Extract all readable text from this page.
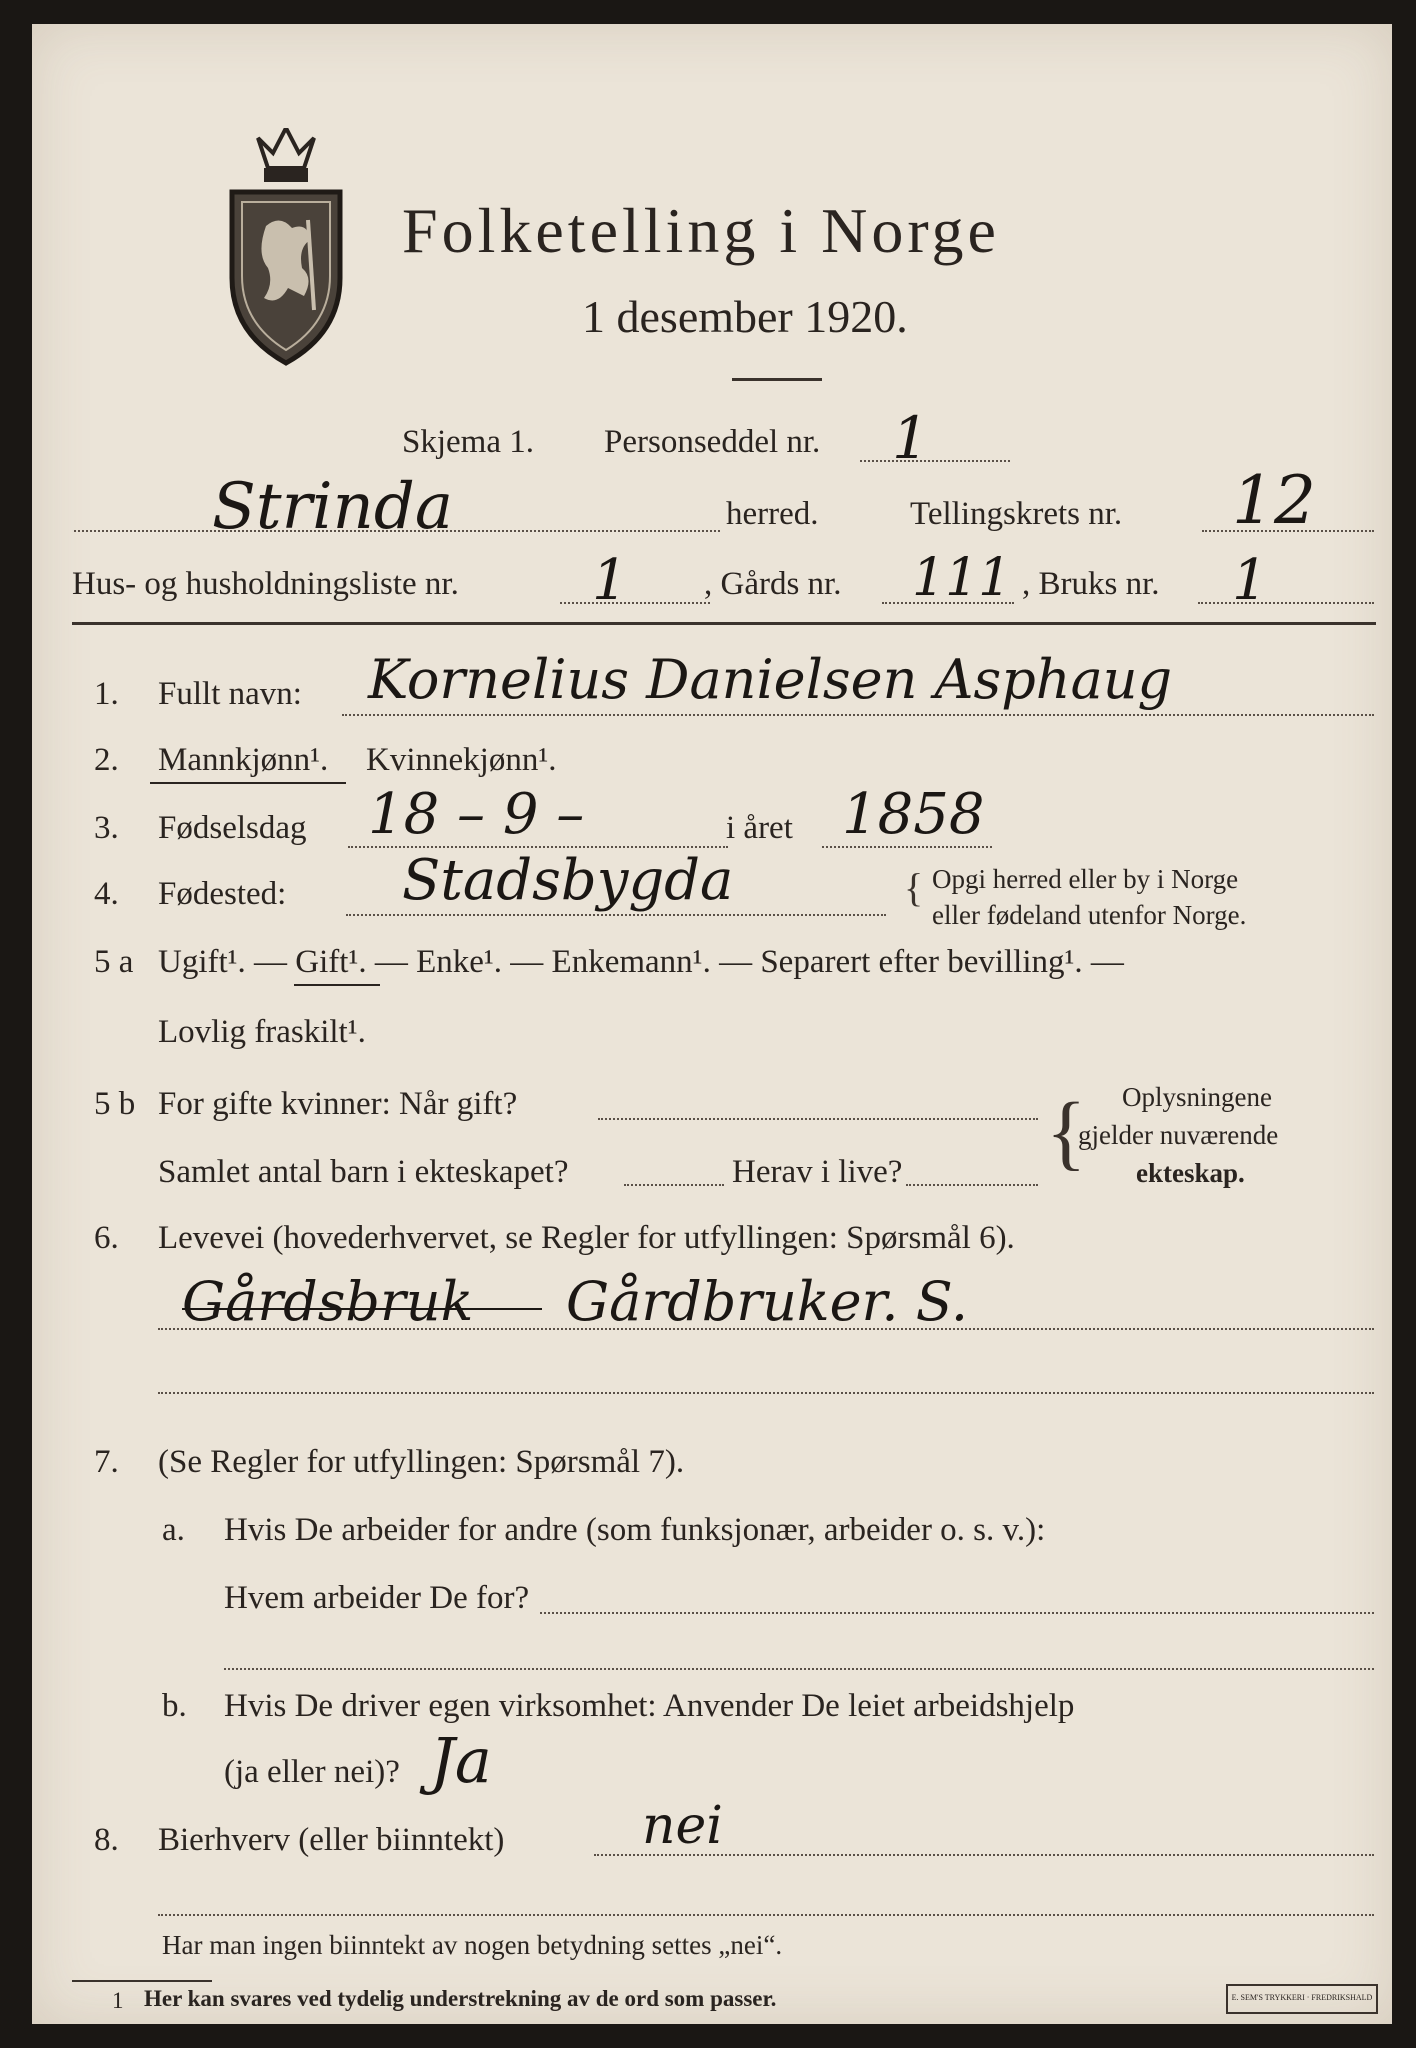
Folketelling i Norge
1 desember 1920.
Skjema 1. Personseddel nr. 1
Strinda	herred.	Tellingskrets nr. 12
Hus- og husholdningsliste nr. 1 , Gårds nr. 111 , Bruks nr. 1
1. Fullt navn: Kornelius Danielsen Asphaug
2. Mannkjønn¹. Kvinnekjønn¹.
3. Fødselsdag 18 – 9 –	i året 1858
4. Fødested: Stadsbygda	{ Opgi herred eller by i Norge
eller fødeland utenfor Norge.
5 a Ugift¹. — Gift¹. — Enke¹. — Enkemann¹. — Separert efter bevilling¹. —
Lovlig fraskilt¹.
5 b For gifte kvinner: Når gift?
Samlet antal barn i ekteskapet?	Herav i live? { Oplysningene
gjelder nuværende
ekteskap.
6. Levevei (hovederhvervet, se Regler for utfyllingen: Spørsmål 6).
Gårdsbruk Gårdbruker. S.
7. (Se Regler for utfyllingen: Spørsmål 7).
a. Hvis De arbeider for andre (som funksjonær, arbeider o. s. v.):
Hvem arbeider De for?
b. Hvis De driver egen virksomhet: Anvender De leiet arbeidshjelp
(ja eller nei)? Ja
8. Bierhverv (eller biinntekt)	nei
Har man ingen biinntekt av nogen betydning settes „nei“.
1 Her kan svares ved tydelig understrekning av de ord som passer.	E. SEM'S TRYKKERI · FREDRIKSHALD
